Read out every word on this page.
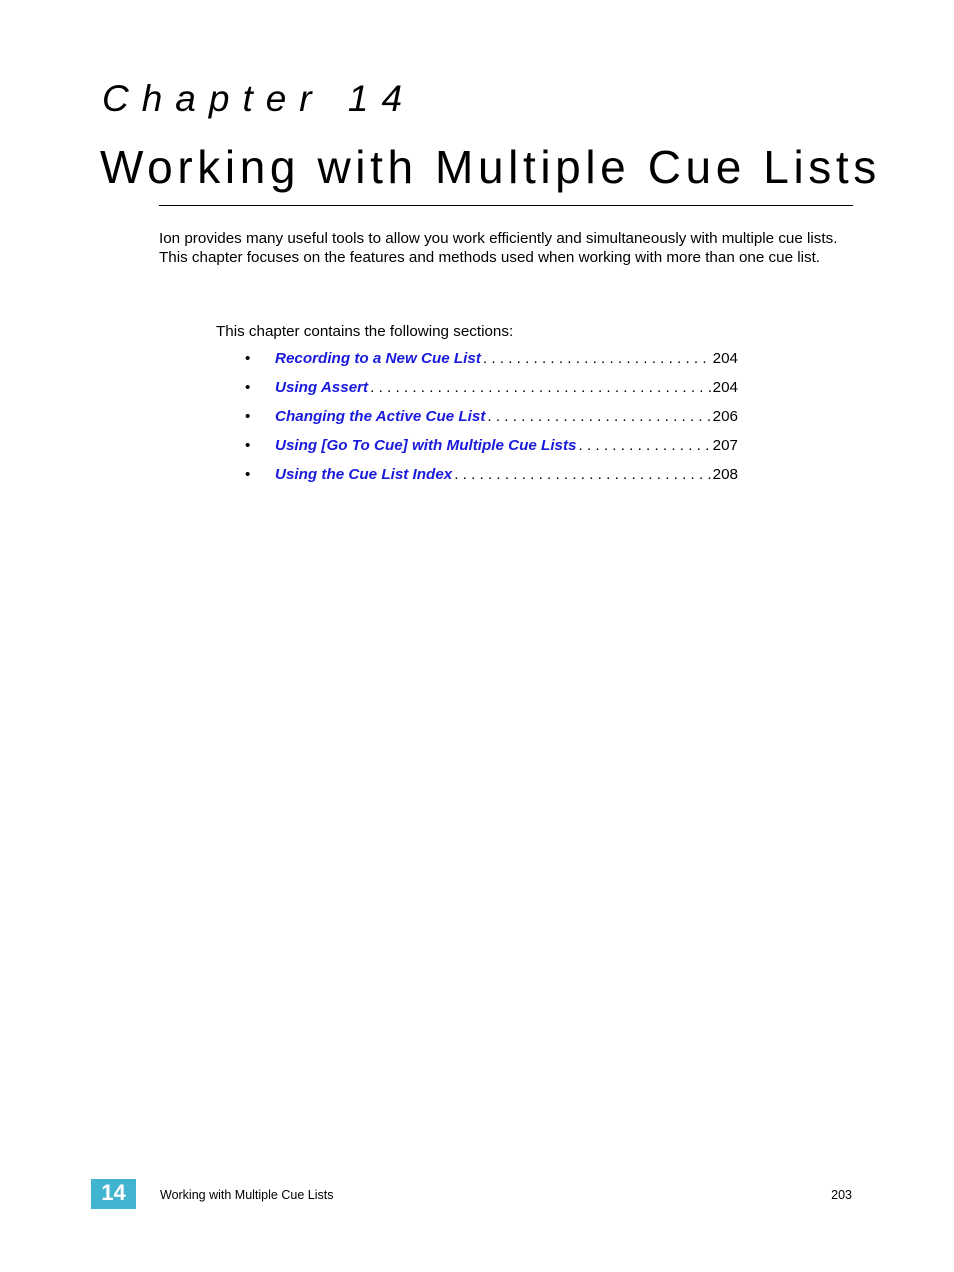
Chapter 14
Working with Multiple Cue Lists

Ion provides many useful tools to allow you work efficiently and simultaneously with multiple cue lists. This chapter focuses on the features and methods used when working with more than one cue list.

This chapter contains the following sections:

• Recording to a New Cue List . . .	204
• Using Assert . . .	204
• Changing the Active Cue List . . .	206
• Using [Go To Cue] with Multiple Cue Lists . . .	207
• Using the Cue List Index . . .	208
14	Working with Multiple Cue Lists	203
